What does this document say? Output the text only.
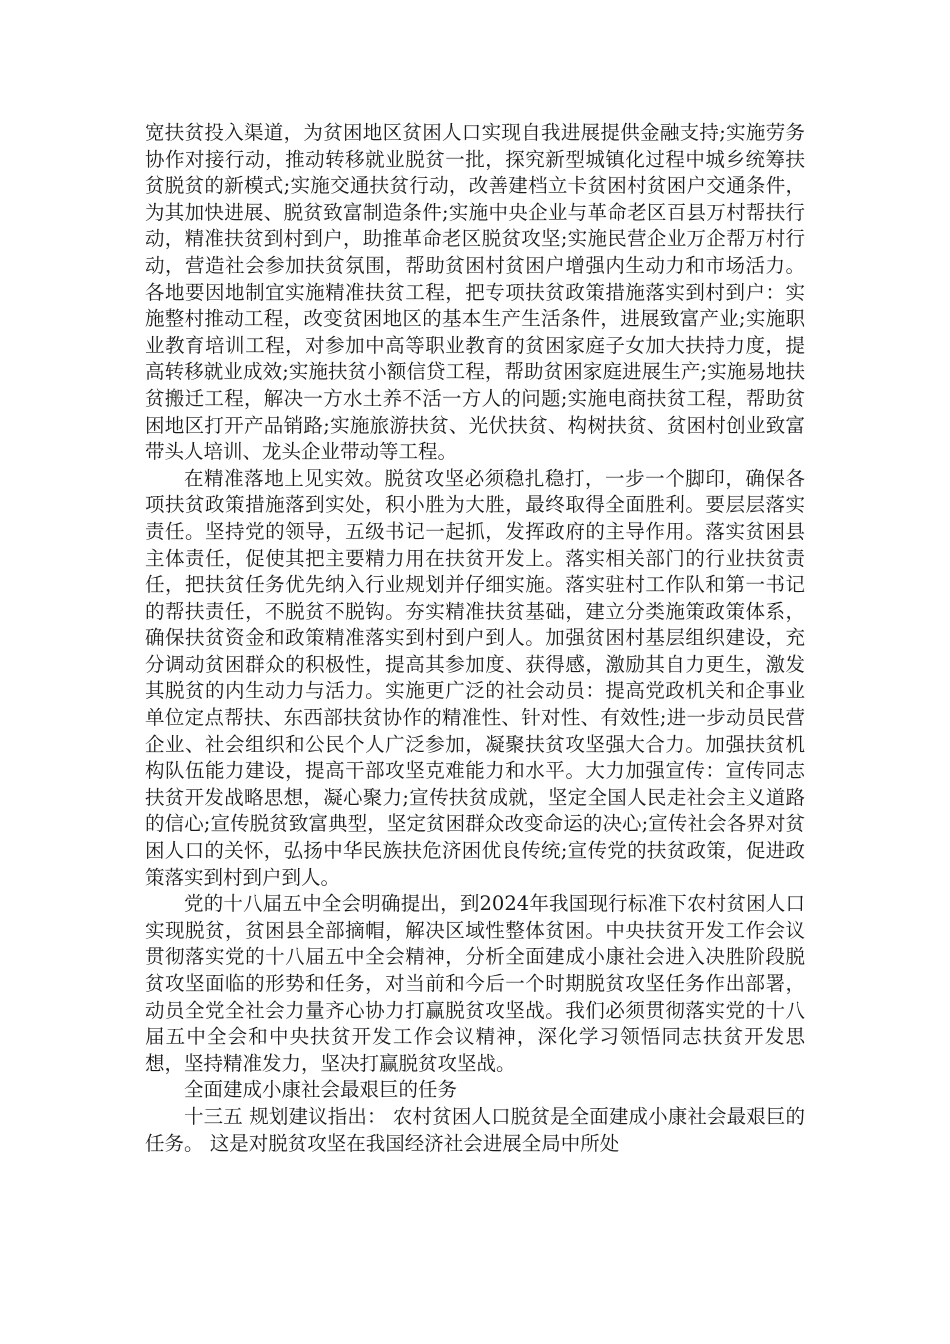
宽扶贫投入渠道，为贫困地区贫困人口实现自我进展提供金融支持;实施劳务协作对接行动，推动转移就业脱贫一批，探究新型城镇化过程中城乡统筹扶贫脱贫的新模式;实施交通扶贫行动，改善建档立卡贫困村贫困户交通条件，为其加快进展、脱贫致富制造条件;实施中央企业与革命老区百县万村帮扶行动，精准扶贫到村到户，助推革命老区脱贫攻坚;实施民营企业万企帮万村行动，营造社会参加扶贫氛围，帮助贫困村贫困户增强内生动力和市场活力。各地要因地制宜实施精准扶贫工程，把专项扶贫政策措施落实到村到户：实施整村推动工程，改变贫困地区的基本生产生活条件，进展致富产业;实施职业教育培训工程，对参加中高等职业教育的贫困家庭子女加大扶持力度，提高转移就业成效;实施扶贫小额信贷工程，帮助贫困家庭进展生产;实施易地扶贫搬迁工程，解决一方水土养不活一方人的问题;实施电商扶贫工程，帮助贫困地区打开产品销路;实施旅游扶贫、光伏扶贫、构树扶贫、贫困村创业致富带头人培训、龙头企业带动等工程。

在精准落地上见实效。脱贫攻坚必须稳扎稳打，一步一个脚印，确保各项扶贫政策措施落到实处，积小胜为大胜，最终取得全面胜利。要层层落实责任。坚持党的领导，五级书记一起抓，发挥政府的主导作用。落实贫困县主体责任，促使其把主要精力用在扶贫开发上。落实相关部门的行业扶贫责任，把扶贫任务优先纳入行业规划并仔细实施。落实驻村工作队和第一书记的帮扶责任，不脱贫不脱钩。夯实精准扶贫基础，建立分类施策政策体系，确保扶贫资金和政策精准落实到村到户到人。加强贫困村基层组织建设，充分调动贫困群众的积极性，提高其参加度、获得感，激励其自力更生，激发其脱贫的内生动力与活力。实施更广泛的社会动员：提高党政机关和企事业单位定点帮扶、东西部扶贫协作的精准性、针对性、有效性;进一步动员民营企业、社会组织和公民个人广泛参加，凝聚扶贫攻坚强大合力。加强扶贫机构队伍能力建设，提高干部攻坚克难能力和水平。大力加强宣传：宣传同志扶贫开发战略思想，凝心聚力;宣传扶贫成就，坚定全国人民走社会主义道路的信心;宣传脱贫致富典型，坚定贫困群众改变命运的决心;宣传社会各界对贫困人口的关怀，弘扬中华民族扶危济困优良传统;宣传党的扶贫政策，促进政策落实到村到户到人。

党的十八届五中全会明确提出，到2024年我国现行标准下农村贫困人口实现脱贫，贫困县全部摘帽，解决区域性整体贫困。中央扶贫开发工作会议贯彻落实党的十八届五中全会精神，分析全面建成小康社会进入决胜阶段脱贫攻坚面临的形势和任务，对当前和今后一个时期脱贫攻坚任务作出部署，动员全党全社会力量齐心协力打赢脱贫攻坚战。我们必须贯彻落实党的十八届五中全会和中央扶贫开发工作会议精神，深化学习领悟同志扶贫开发思想，坚持精准发力，坚决打赢脱贫攻坚战。

全面建成小康社会最艰巨的任务

十三五 规划建议指出： 农村贫困人口脱贫是全面建成小康社会最艰巨的任务。 这是对脱贫攻坚在我国经济社会进展全局中所处
